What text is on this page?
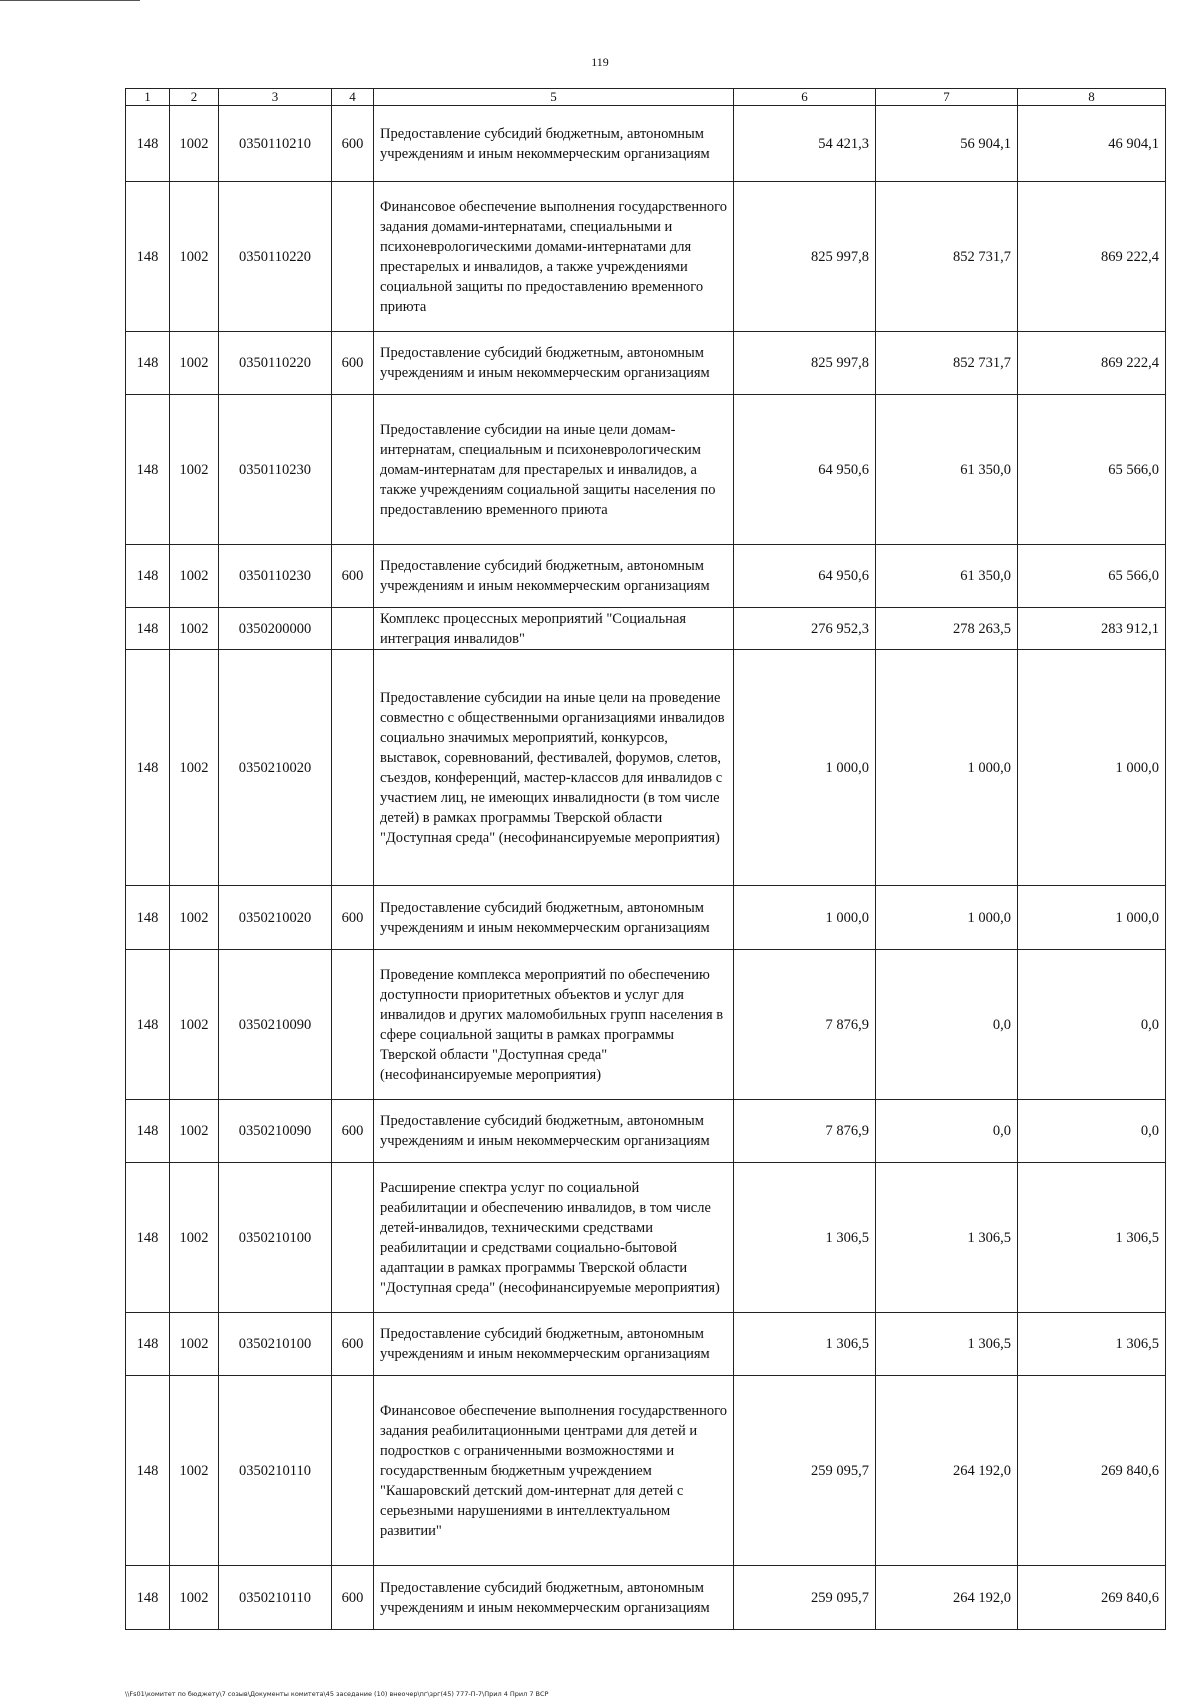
119
1	2	3	4	5	6	7	8
148	1002	0350110210	600	Предоставление субсидий бюджетным, автономным учреждениям и иным некоммерческим организациям	54 421,3	56 904,1	46 904,1
148	1002	0350110220		Финансовое обеспечение выполнения государственного задания домами-интернатами, специальными и психоневрологическими домами-интернатами для престарелых и инвалидов, а также учреждениями социальной защиты по предоставлению временного приюта	825 997,8	852 731,7	869 222,4
148	1002	0350110220	600	Предоставление субсидий бюджетным, автономным учреждениям и иным некоммерческим организациям	825 997,8	852 731,7	869 222,4
148	1002	0350110230		Предоставление субсидии на иные цели домам-интернатам, специальным и психоневрологическим домам-интернатам для престарелых и инвалидов, а также учреждениям социальной защиты населения по предоставлению временного приюта	64 950,6	61 350,0	65 566,0
148	1002	0350110230	600	Предоставление субсидий бюджетным, автономным учреждениям и иным некоммерческим организациям	64 950,6	61 350,0	65 566,0
148	1002	0350200000		Комплекс процессных мероприятий "Социальная интеграция инвалидов"	276 952,3	278 263,5	283 912,1
148	1002	0350210020		Предоставление субсидии на иные цели на проведение совместно с общественными организациями инвалидов социально значимых мероприятий, конкурсов, выставок, соревнований, фестивалей, форумов, слетов, съездов, конференций, мастер-классов для инвалидов с участием лиц, не имеющих инвалидности (в том числе детей) в рамках программы Тверской области "Доступная среда" (несофинансируемые мероприятия)	1 000,0	1 000,0	1 000,0
148	1002	0350210020	600	Предоставление субсидий бюджетным, автономным учреждениям и иным некоммерческим организациям	1 000,0	1 000,0	1 000,0
148	1002	0350210090		Проведение комплекса мероприятий по обеспечению доступности приоритетных объектов и услуг для инвалидов и других маломобильных групп населения в сфере социальной защиты в рамках программы Тверской области "Доступная среда" (несофинансируемые мероприятия)	7 876,9	0,0	0,0
148	1002	0350210090	600	Предоставление субсидий бюджетным, автономным учреждениям и иным некоммерческим организациям	7 876,9	0,0	0,0
148	1002	0350210100		Расширение спектра услуг по социальной реабилитации и обеспечению инвалидов, в том числе детей-инвалидов, техническими средствами реабилитации и средствами социально-бытовой адаптации в рамках программы Тверской области "Доступная среда" (несофинансируемые мероприятия)	1 306,5	1 306,5	1 306,5
148	1002	0350210100	600	Предоставление субсидий бюджетным, автономным учреждениям и иным некоммерческим организациям	1 306,5	1 306,5	1 306,5
148	1002	0350210110		Финансовое обеспечение выполнения государственного задания реабилитационными центрами для детей и подростков с ограниченными возможностями и государственным бюджетным учреждением "Кашаровский детский дом-интернат для детей с серьезными нарушениями в интеллектуальном развитии"	259 095,7	264 192,0	269 840,6
148	1002	0350210110	600	Предоставление субсидий бюджетным, автономным учреждениям и иным некоммерческим организациям	259 095,7	264 192,0	269 840,6
\\Fs01\комитет по бюджету\7 созыв\Документы комитета\45 заседание (10) внеочер\пг\зрг(45) 777-П-7\Прил 4 Прил 7 ВСР
